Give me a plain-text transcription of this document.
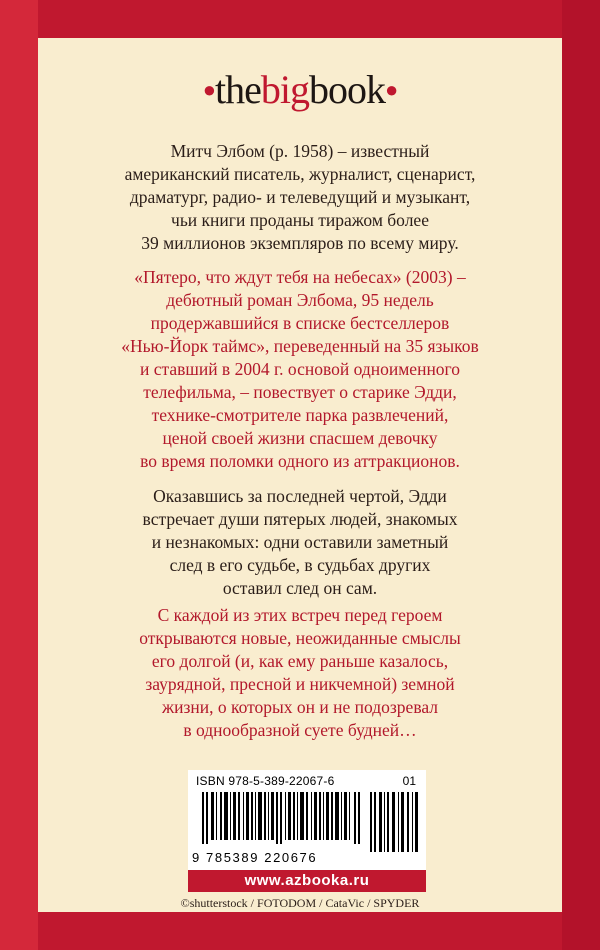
●thebigbook●
Митч Элбом (р. 1958) – известный
американский писатель, журналист, сценарист,
драматург, радио- и телеведущий и музыкант,
чьи книги проданы тиражом более
39 миллионов экземпляров по всему миру.
«Пятеро, что ждут тебя на небесах» (2003) –
дебютный роман Элбома, 95 недель
продержавшийся в списке бестселлеров
«Нью-Йорк таймс», переведенный на 35 языков
и ставший в 2004 г. основой одноименного
телефильма, – повествует о старике Эдди,
технике-смотрителе парка развлечений,
ценой своей жизни спасшем девочку
во время поломки одного из аттракционов.
Оказавшись за последней чертой, Эдди
встречает души пятерых людей, знакомых
и незнакомых: одни оставили заметный
след в его судьбе, в судьбах других
оставил след он сам.
С каждой из этих встреч перед героем
открываются новые, неожиданные смыслы
его долгой (и, как ему раньше казалось,
заурядной, пресной и никчемной) земной
жизни, о которых он и не подозревал
в однообразной суете будней…
ISBN 978-5-389-22067-6	01
9 785389 220676
www.azbooka.ru
©shutterstock / FOTODOM / CataVic / SPYDER
